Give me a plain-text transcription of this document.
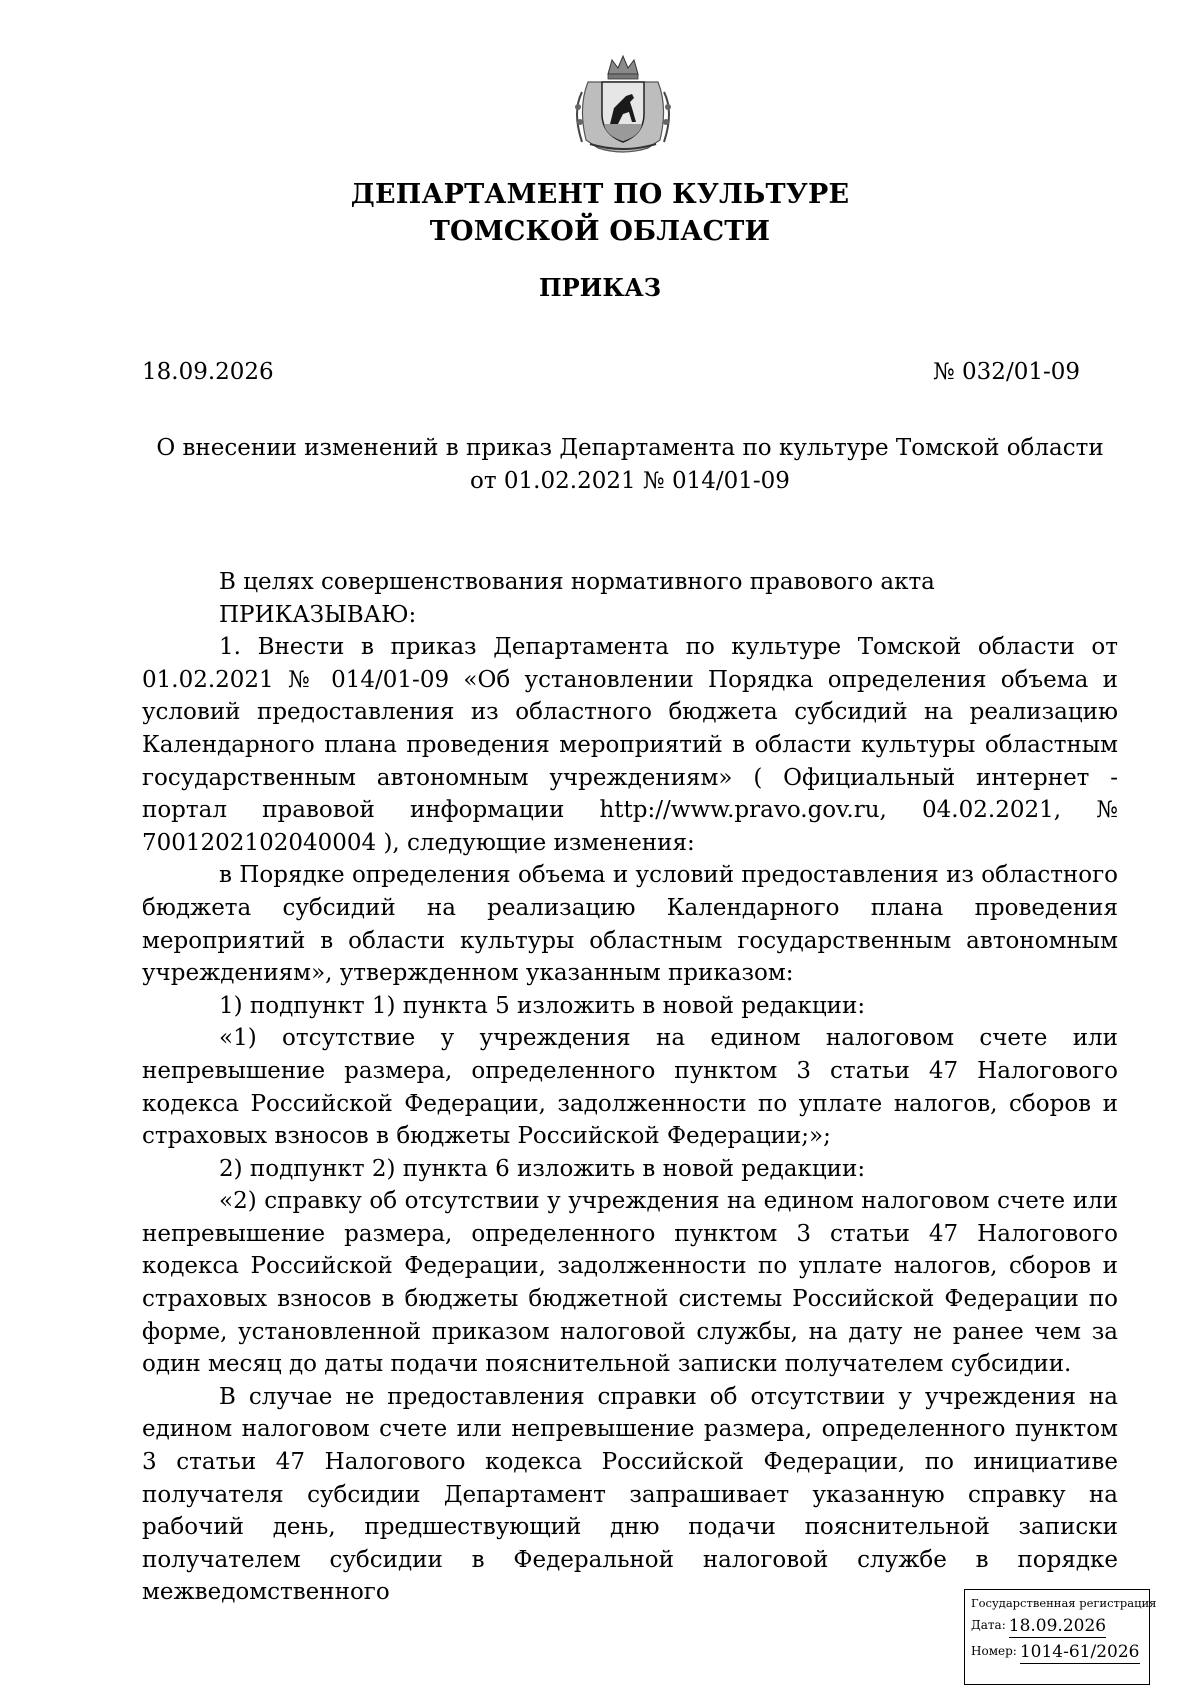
ДЕПАРТАМЕНТ ПО КУЛЬТУРЕ
ТОМСКОЙ ОБЛАСТИ
ПРИКАЗ
18.09.2026	№ 032/01-09
О внесении изменений в приказ Департамента по культуре Томской области от 01.02.2021 № 014/01-09

В целях совершенствования нормативного правового акта

ПРИКАЗЫВАЮ:

1. Внести в приказ Департамента по культуре Томской области от 01.02.2021 № 014/01-09 «Об установлении Порядка определения объема и условий предоставления из областного бюджета субсидий на реализацию Календарного плана проведения мероприятий в области культуры областным государственным автономным учреждениям» ( Официальный интернет - портал правовой информации http://www.pravo.gov.ru, 04.02.2021, № 7001202102040004 ), следующие изменения:

в Порядке определения объема и условий предоставления из областного бюджета субсидий на реализацию Календарного плана проведения мероприятий в области культуры областным государственным автономным учреждениям», утвержденном указанным приказом:

1) подпункт 1) пункта 5 изложить в новой редакции:

«1) отсутствие у учреждения на едином налоговом счете или непревышение размера, определенного пунктом 3 статьи 47 Налогового кодекса Российской Федерации, задолженности по уплате налогов, сборов и страховых взносов в бюджеты Российской Федерации;»;

2) подпункт 2) пункта 6 изложить в новой редакции:

«2) справку об отсутствии у учреждения на едином налоговом счете или непревышение размера, определенного пунктом 3 статьи 47 Налогового кодекса Российской Федерации, задолженности по уплате налогов, сборов и страховых взносов в бюджеты бюджетной системы Российской Федерации по форме, установленной приказом налоговой службы, на дату не ранее чем за один месяц до даты подачи пояснительной записки получателем субсидии.

В случае не предоставления справки об отсутствии у учреждения на едином налоговом счете или непревышение размера, определенного пунктом 3 статьи 47 Налогового кодекса Российской Федерации, по инициативе получателя субсидии Департамент запрашивает указанную справку на рабочий день, предшествующий дню подачи пояснительной записки получателем субсидии в Федеральной налоговой службе в порядке межведомственного	Государственная регистрация
Дата: 18.09.2026
Номер: 1014-61/2026
